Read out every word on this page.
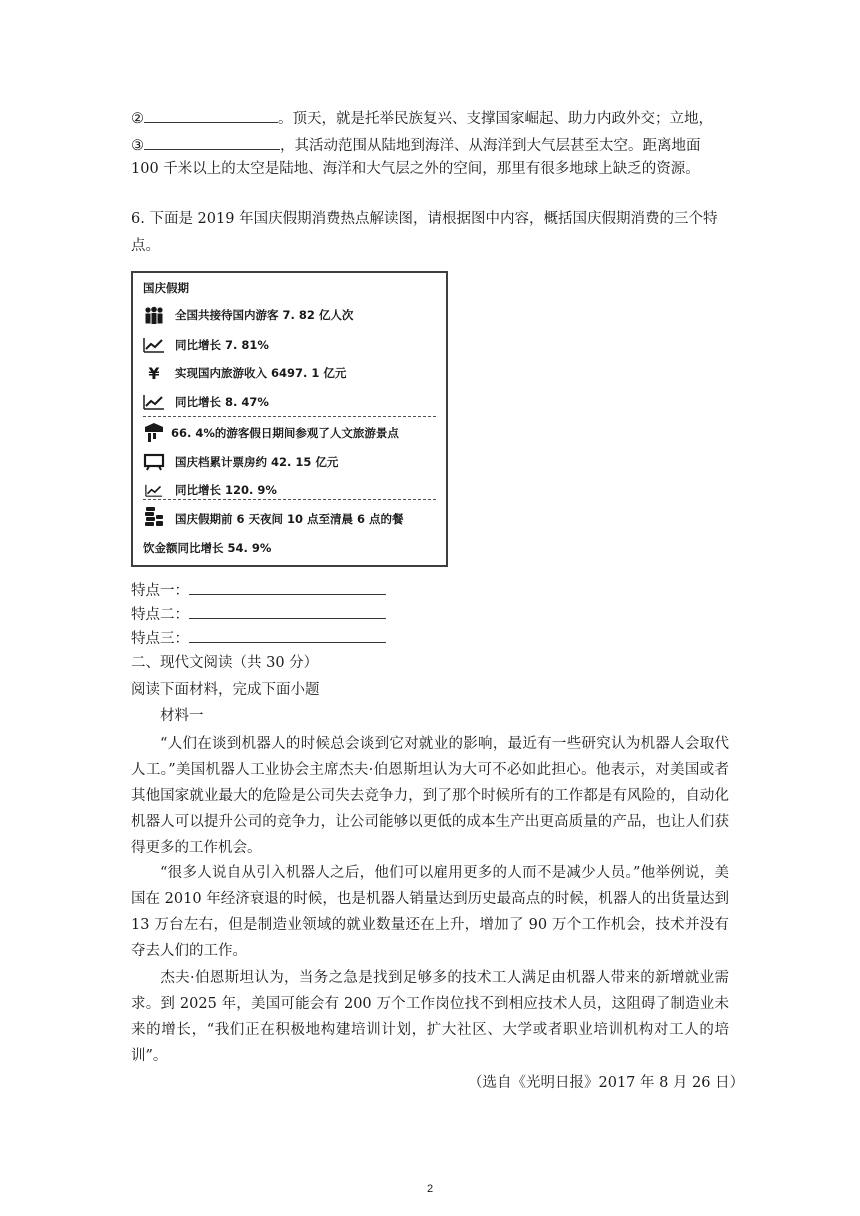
②	。顶天，就是托举民族复兴、支撑国家崛起、助力内政外交；立地，
③	，其活动范围从陆地到海洋、从海洋到大气层甚至太空。距离地面
100 千米以上的太空是陆地、海洋和大气层之外的空间，那里有很多地球上缺乏的资源。
6. 下面是 2019 年国庆假期消费热点解读图，请根据图中内容，概括国庆假期消费的三个特
点。
国庆假期
全国共接待国内游客 7. 82 亿人次
同比增长 7. 81%
¥	实现国内旅游收入 6497. 1 亿元
同比增长 8. 47%
66. 4%的游客假日期间参观了人文旅游景点
国庆档累计票房约 42. 15 亿元
同比增长 120. 9%
国庆假期前 6 天夜间 10 点至清晨 6 点的餐
饮金额同比增长 54. 9%
特点一：
特点二：
特点三：
二、现代文阅读（共 30 分）
阅读下面材料，完成下面小题
材料一
“人们在谈到机器人的时候总会谈到它对就业的影响，最近有一些研究认为机器人会取代人工。”美国机器人工业协会主席杰夫·伯恩斯坦认为大可不必如此担心。他表示，对美国或者其他国家就业最大的危险是公司失去竞争力，到了那个时候所有的工作都是有风险的，自动化机器人可以提升公司的竞争力，让公司能够以更低的成本生产出更高质量的产品，也让人们获得更多的工作机会。
“很多人说自从引入机器人之后，他们可以雇用更多的人而不是减少人员。”他举例说，美国在 2010 年经济衰退的时候，也是机器人销量达到历史最高点的时候，机器人的出货量达到 13 万台左右，但是制造业领域的就业数量还在上升，增加了 90 万个工作机会，技术并没有夺去人们的工作。
杰夫·伯恩斯坦认为，当务之急是找到足够多的技术工人满足由机器人带来的新增就业需求。到 2025 年，美国可能会有 200 万个工作岗位找不到相应技术人员，这阻碍了制造业未来的增长，“我们正在积极地构建培训计划，扩大社区、大学或者职业培训机构对工人的培训”。
（选自《光明日报》2017 年 8 月 26 日）
2
